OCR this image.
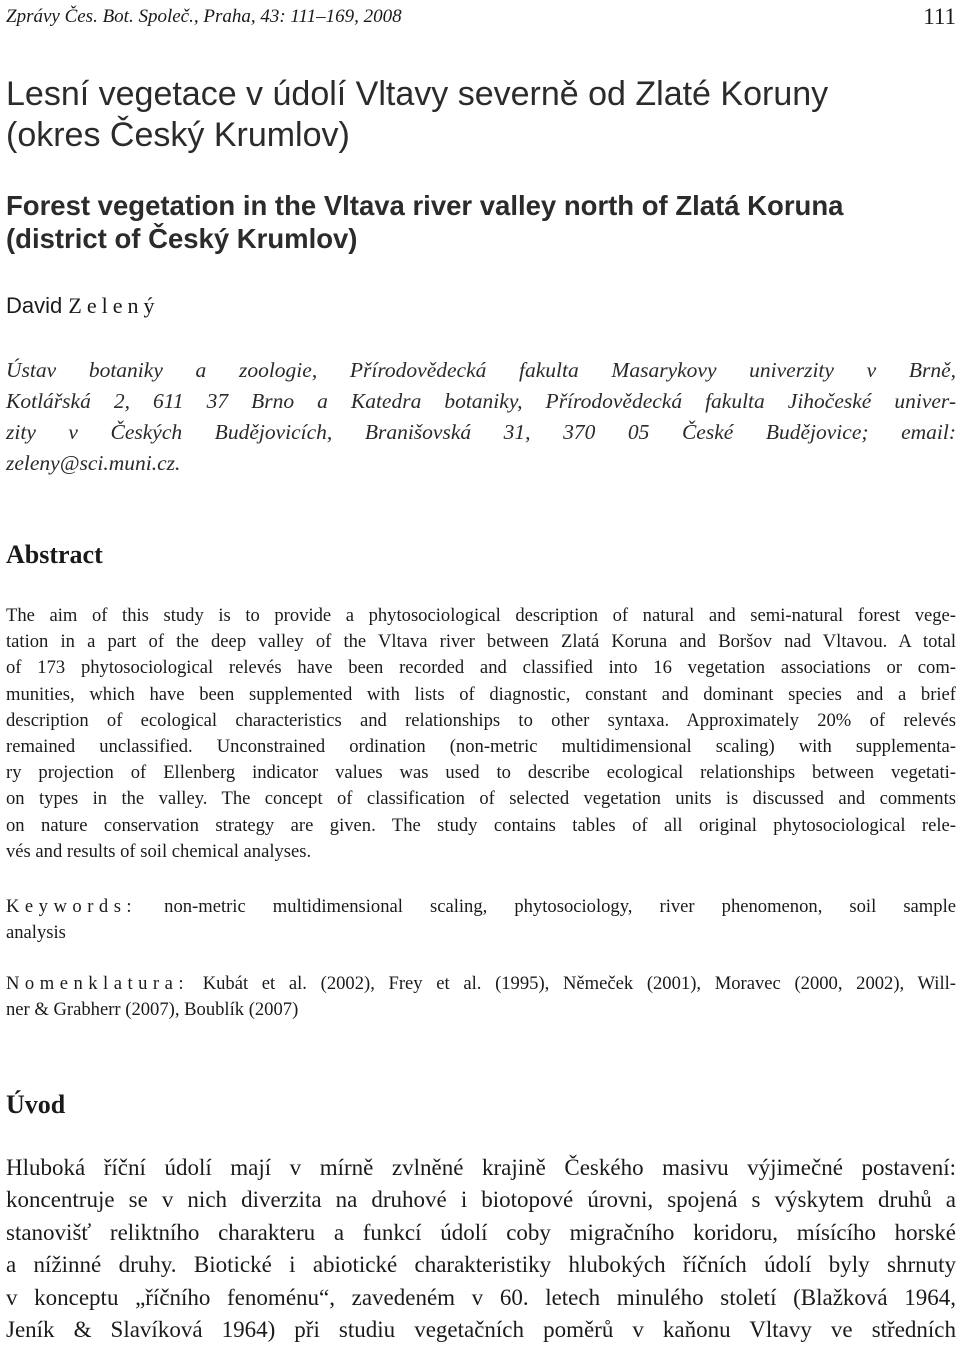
Zprávy Čes. Bot. Společ., Praha, 43: 111–169, 2008	111
Lesní vegetace v údolí Vltavy severně od Zlaté Koruny
(okres Český Krumlov)
Forest vegetation in the Vltava river valley north of Zlatá Koruna
(district of Český Krumlov)
David Zelený
Ústav botaniky a zoologie, Přírodovědecká fakulta Masarykovy univerzity v Brně,
Kotlářská 2, 611 37 Brno a Katedra botaniky, Přírodovědecká fakulta Jihočeské univer-
zity v Českých Budějovicích, Branišovská 31, 370 05 České Budějovice; email:
zeleny@sci.muni.cz.
Abstract
The aim of this study is to provide a phytosociological description of natural and semi-natural forest vege-
tation in a part of the deep valley of the Vltava river between Zlatá Koruna and Boršov nad Vltavou. A total
of 173 phytosociological relevés have been recorded and classified into 16 vegetation associations or com-
munities, which have been supplemented with lists of diagnostic, constant and dominant species and a brief
description of ecological characteristics and relationships to other syntaxa. Approximately 20% of relevés
remained unclassified. Unconstrained ordination (non-metric multidimensional scaling) with supplementa-
ry projection of Ellenberg indicator values was used to describe ecological relationships between vegetati-
on types in the valley. The concept of classification of selected vegetation units is discussed and comments
on nature conservation strategy are given. The study contains tables of all original phytosociological rele-
vés and results of soil chemical analyses.
Keywords: non-metric multidimensional scaling, phytosociology, river phenomenon, soil sample
analysis
Nomenklatura: Kubát et al. (2002), Frey et al. (1995), Němeček (2001), Moravec (2000, 2002), Will-
ner & Grabherr (2007), Boublík (2007)
Úvod
Hluboká říční údolí mají v mírně zvlněné krajině Českého masivu výjimečné postavení:
koncentruje se v nich diverzita na druhové i biotopové úrovni, spojená s výskytem druhů a
stanovišť reliktního charakteru a funkcí údolí coby migračního koridoru, mísícího horské
a nížinné druhy. Biotické i abiotické charakteristiky hlubokých říčních údolí byly shrnuty
v konceptu „říčního fenoménu“, zavedeném v 60. letech minulého století (Blažková 1964,
Jeník & Slavíková 1964) při studiu vegetačních poměrů v kaňonu Vltavy ve středních
